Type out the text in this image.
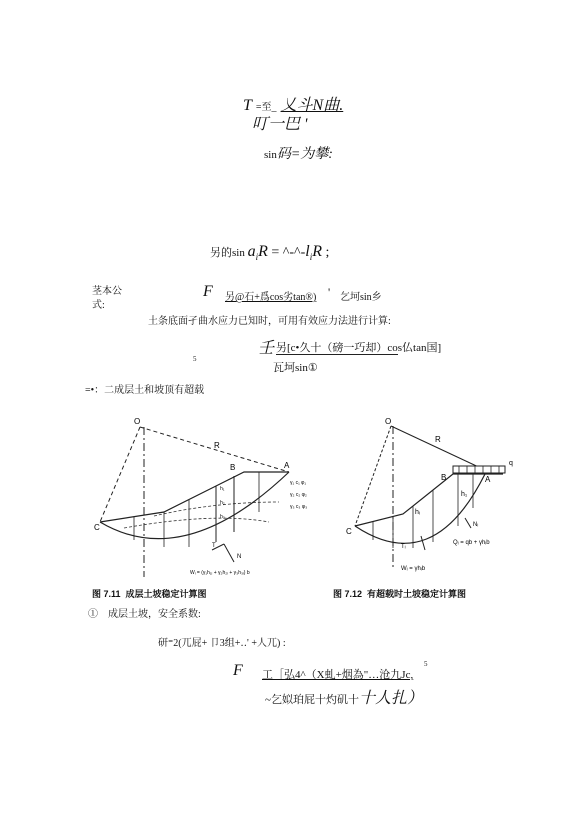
T =至_ 乂斗N曲.
叮一巴 '
sin码=为攀:
另的$\sin a_iR$ = $\^{}-\^{}-l_iR$ ;
茎本公
式:
F 另@石+爲cos劣tan®) ' 乞坷sin乡
土条底面孑曲水应力已知时，可用有效应力法进行计算:
壬 另[c•久十（磅一巧却）cos仏tan国]
5
瓦坷sin①
=•：二成层土和坡顶有超载
O
R
B	A
C
T
N
γ₁ c₁ φ₁
γ₂ c₂ φ₂
γ₃ c₃ φ₃
h₁
h₂
h₃
Wᵢ = (γ₁h₁ᵢ + γ₂h₂ᵢ + γ₃h₃ᵢ) b
图 7.11 成层土坡稳定计算图
O
R
B	A
C
q
h₁
hᵢ
Tᵢ
Nᵢ
Qᵢ = qb + γhᵢb
Wᵢ = γhᵢb
图 7.12 有超载时土坡稳定计算图
① 成层土坡，安全系数:
研⁼2(兀屁+ 卩3组+‥' +人兀) :
F 工［弘4^（X虬+烟為"…沧九Jc,
5
~乞姒珀屁十灼矶十十人扎）
